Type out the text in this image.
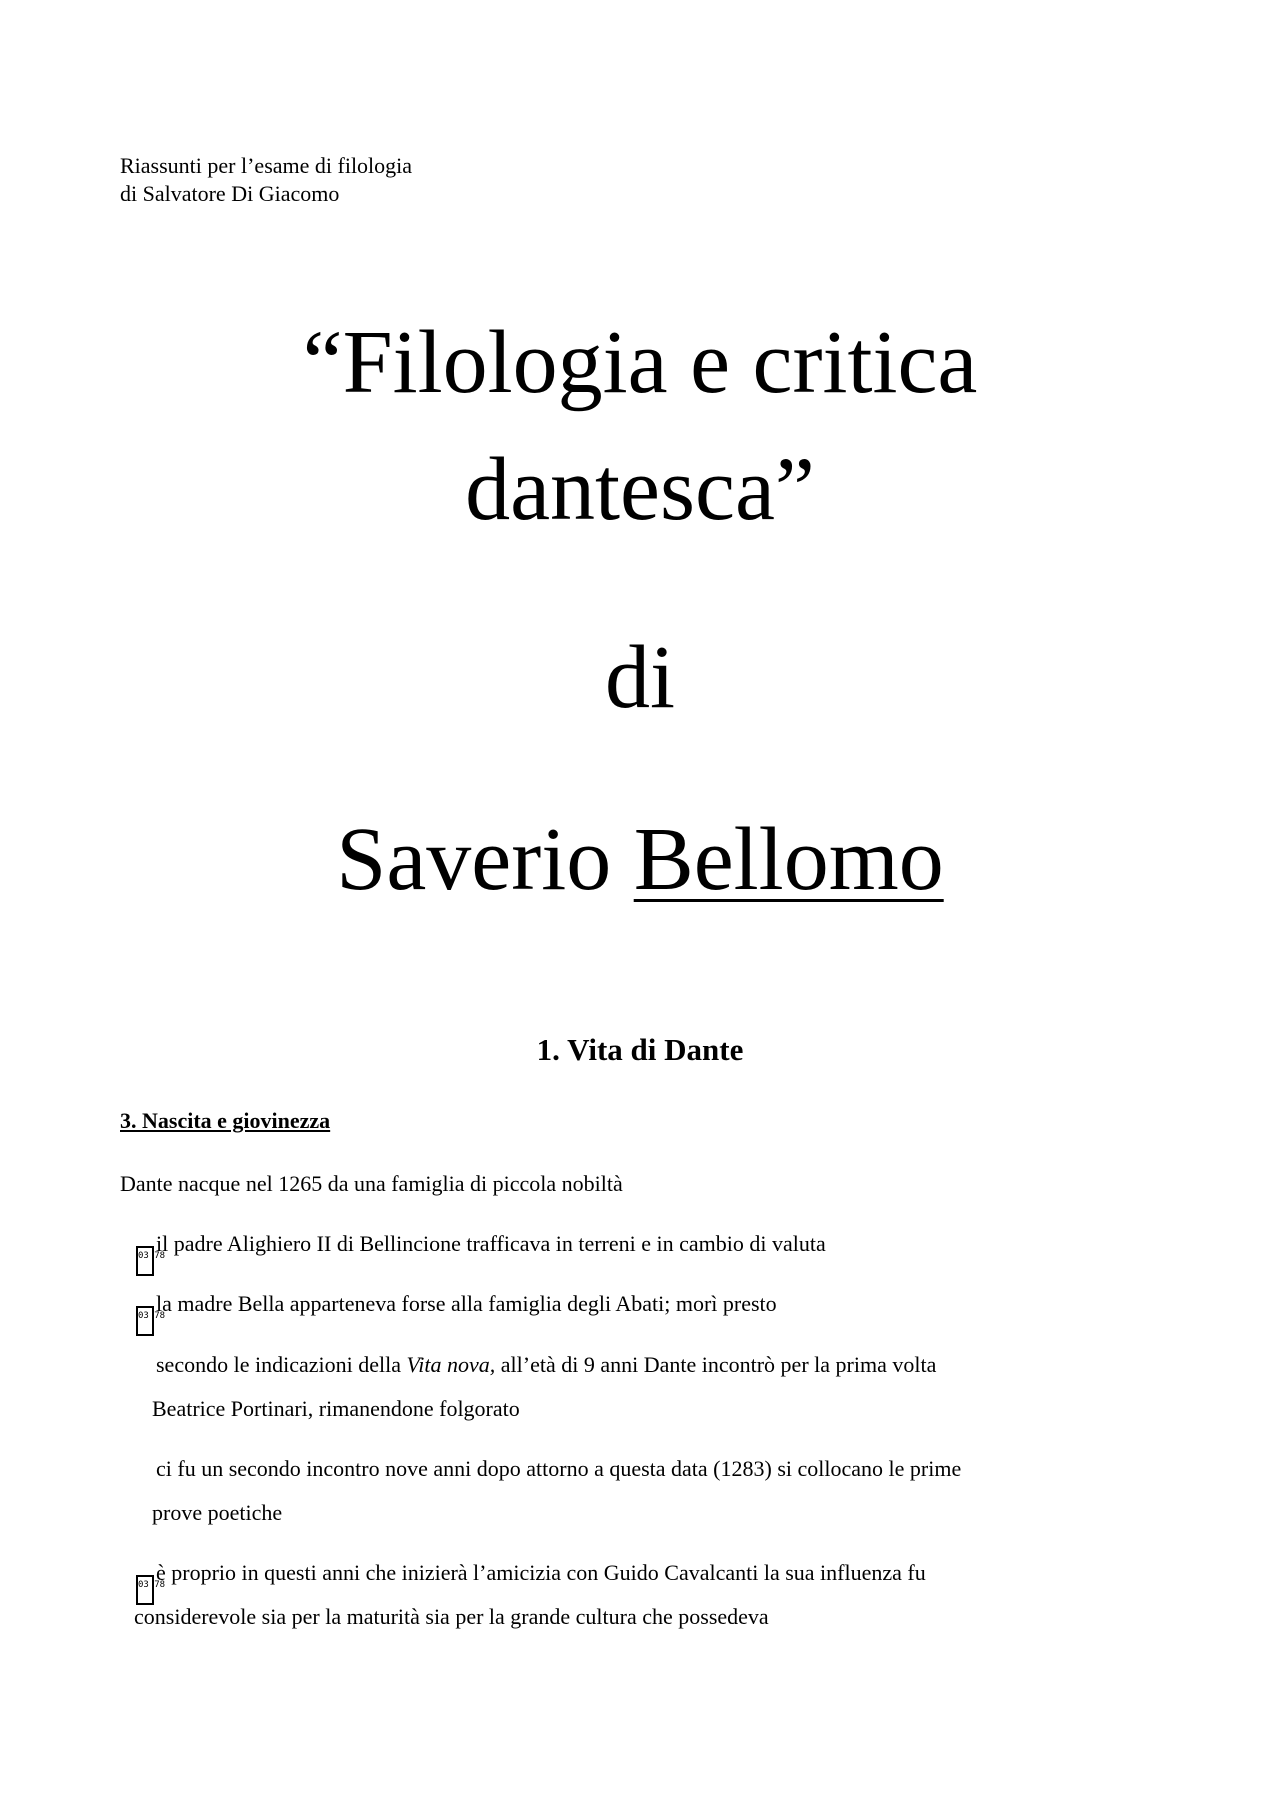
Riassunti per l’esame di filologia
di Salvatore Di Giacomo
“Filologia e critica
dantesca”
di
Saverio Bellomo
1. Vita di Dante
3. Nascita e giovinezza
Dante nacque nel 1265 da una famiglia di piccola nobiltà
03 78il padre Alighiero II di Bellincione trafficava in terreni e in cambio di valuta
03 78la madre Bella apparteneva forse alla famiglia degli Abati; morì presto
secondo le indicazioni della Vita nova, all’età di 9 anni Dante incontrò per la prima volta
Beatrice Portinari, rimanendone folgorato
ci fu un secondo incontro nove anni dopo attorno a questa data (1283) si collocano le prime
prove poetiche
03 78è proprio in questi anni che inizierà l’amicizia con Guido Cavalcanti la sua influenza fu
considerevole sia per la maturità sia per la grande cultura che possedeva
